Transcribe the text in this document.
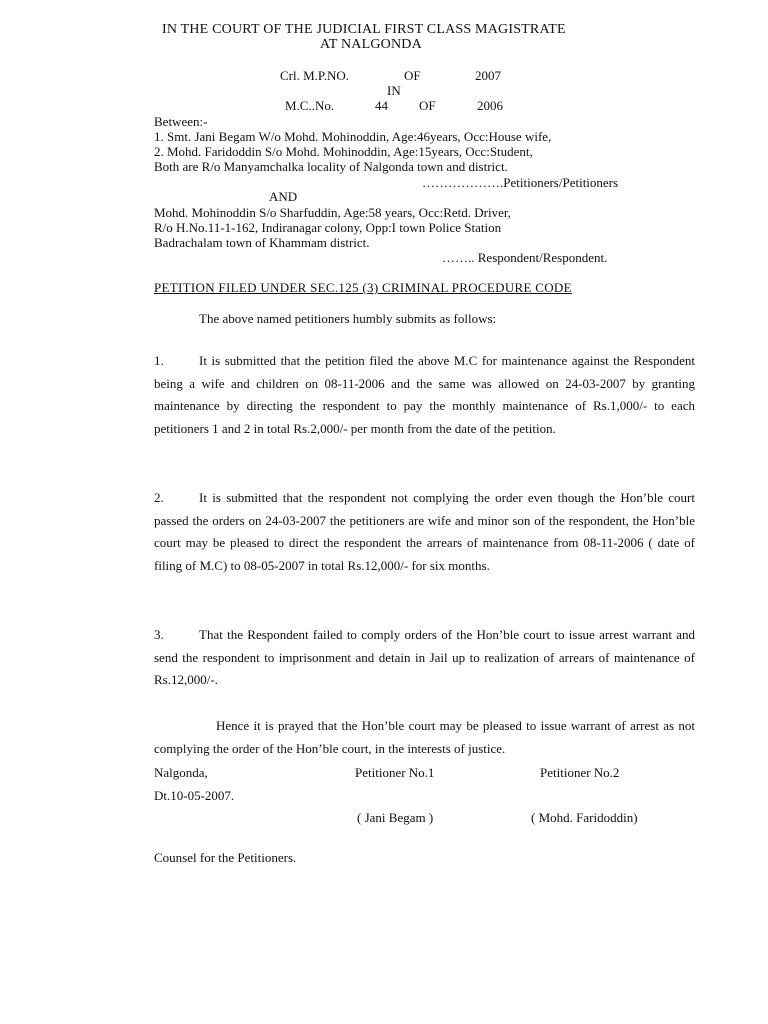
IN THE COURT OF THE JUDICIAL FIRST CLASS MAGISTRATE
AT NALGONDA
Crl. M.P.NO.	OF	2007
IN
M.C..No.	44 OF	2006
Between:-
1. Smt. Jani Begam W/o Mohd. Mohinoddin, Age:46years, Occ:House wife,
2. Mohd. Faridoddin S/o Mohd. Mohinoddin, Age:15years, Occ:Student,
Both are R/o Manyamchalka locality of Nalgonda town and district.
……………….Petitioners/Petitioners
AND
Mohd. Mohinoddin S/o Sharfuddin, Age:58 years, Occ:Retd. Driver,
R/o H.No.11-1-162, Indiranagar colony, Opp:I town Police Station
Badrachalam town of Khammam district.
…….. Respondent/Respondent.
PETITION FILED UNDER SEC.125 (3) CRIMINAL PROCEDURE CODE
The above named petitioners humbly submits as follows:
1.	It is submitted that the petition filed the above M.C for maintenance against the Respondent being a wife and children on 08-11-2006 and the same was allowed on 24-03-2007 by granting maintenance by directing the respondent to pay the monthly maintenance of Rs.1,000/- to each petitioners 1 and 2 in total Rs.2,000/- per month from the date of the petition.
2.	It is submitted that the respondent not complying the order even though the Hon’ble court passed the orders on 24-03-2007 the petitioners are wife and minor son of the respondent, the Hon’ble court may be pleased to direct the respondent the arrears of maintenance from 08-11-2006 ( date of filing of M.C) to 08-05-2007 in total Rs.12,000/- for six months.
3.	That the Respondent failed to comply orders of the Hon’ble court to issue arrest warrant and send the respondent to imprisonment and detain in Jail up to realization of arrears of maintenance of Rs.12,000/-.
Hence it is prayed that the Hon’ble court may be pleased to issue warrant of arrest as not complying the order of the Hon’ble court, in the interests of justice.
Nalgonda,	Petitioner No.1	Petitioner No.2
Dt.10-05-2007.
( Jani Begam )	( Mohd. Faridoddin)
Counsel for the Petitioners.
